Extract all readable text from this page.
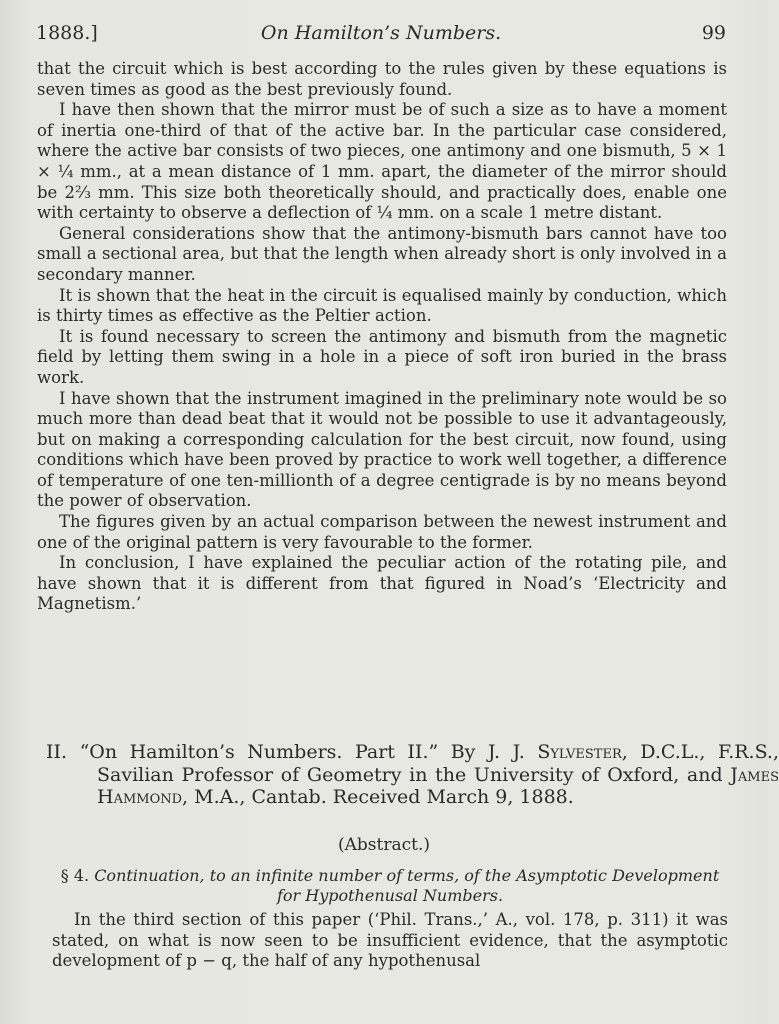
1888.]	On Hamilton’s Numbers.	99

that the circuit which is best according to the rules given by these equations is seven times as good as the best previously found.

I have then shown that the mirror must be of such a size as to have a moment of inertia one-third of that of the active bar. In the particular case considered, where the active bar consists of two pieces, one antimony and one bismuth, 5 × 1 × ¼ mm., at a mean distance of 1 mm. apart, the diameter of the mirror should be 2⅔ mm. This size both theoretically should, and practically does, enable one with certainty to observe a deflection of ¼ mm. on a scale 1 metre distant.

General considerations show that the antimony-bismuth bars cannot have too small a sectional area, but that the length when already short is only involved in a secondary manner.

It is shown that the heat in the circuit is equalised mainly by conduction, which is thirty times as effective as the Peltier action.

It is found necessary to screen the antimony and bismuth from the magnetic field by letting them swing in a hole in a piece of soft iron buried in the brass work.

I have shown that the instrument imagined in the preliminary note would be so much more than dead beat that it would not be possible to use it advantageously, but on making a corresponding calculation for the best circuit, now found, using conditions which have been proved by practice to work well together, a difference of temperature of one ten-millionth of a degree centigrade is by no means beyond the power of observation.

The figures given by an actual comparison between the newest instrument and one of the original pattern is very favourable to the former.

In conclusion, I have explained the peculiar action of the rotating pile, and have shown that it is different from that figured in Noad’s ‘Electricity and Magnetism.’

II. “On Hamilton’s Numbers. Part II.” By J. J. Sylvester, D.C.L., F.R.S., Savilian Professor of Geometry in the University of Oxford, and James Hammond, M.A., Cantab. Received March 9, 1888.
(Abstract.)
§ 4. Continuation, to an infinite number of terms, of the Asymptotic Development for Hypothenusal Numbers.

In the third section of this paper (‘Phil. Trans.,’ A., vol. 178, p. 311) it was stated, on what is now seen to be insufficient evidence, that the asymptotic development of p − q, the half of any hypothenusal
